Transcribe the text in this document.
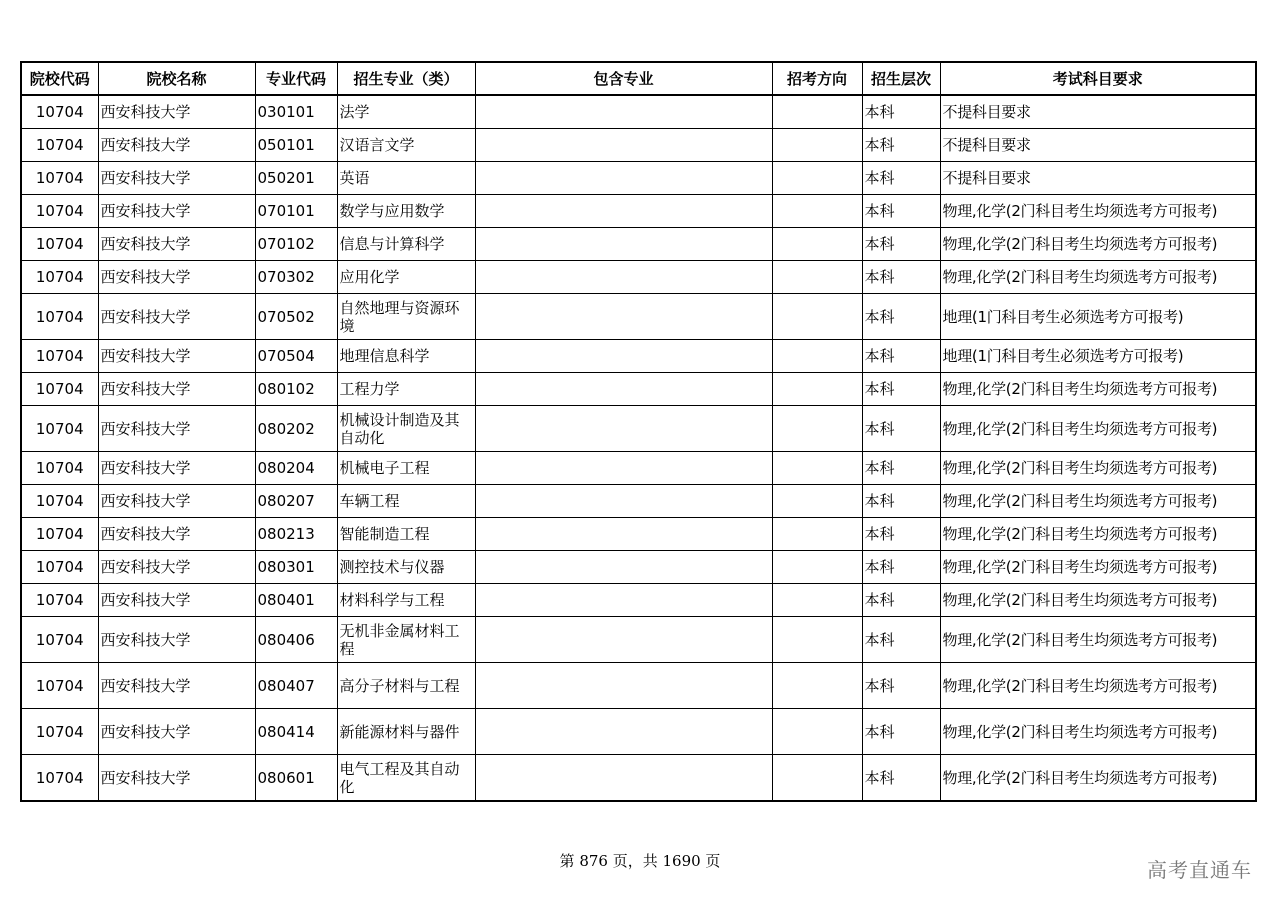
院校代码	院校名称	专业代码	招生专业（类）	包含专业	招考方向	招生层次	考试科目要求
10704	西安科技大学	030101	法学			本科	不提科目要求
10704	西安科技大学	050101	汉语言文学			本科	不提科目要求
10704	西安科技大学	050201	英语			本科	不提科目要求
10704	西安科技大学	070101	数学与应用数学			本科	物理,化学(2门科目考生均须选考方可报考)
10704	西安科技大学	070102	信息与计算科学			本科	物理,化学(2门科目考生均须选考方可报考)
10704	西安科技大学	070302	应用化学			本科	物理,化学(2门科目考生均须选考方可报考)
10704	西安科技大学	070502	自然地理与资源环境			本科	地理(1门科目考生必须选考方可报考)
10704	西安科技大学	070504	地理信息科学			本科	地理(1门科目考生必须选考方可报考)
10704	西安科技大学	080102	工程力学			本科	物理,化学(2门科目考生均须选考方可报考)
10704	西安科技大学	080202	机械设计制造及其自动化			本科	物理,化学(2门科目考生均须选考方可报考)
10704	西安科技大学	080204	机械电子工程			本科	物理,化学(2门科目考生均须选考方可报考)
10704	西安科技大学	080207	车辆工程			本科	物理,化学(2门科目考生均须选考方可报考)
10704	西安科技大学	080213	智能制造工程			本科	物理,化学(2门科目考生均须选考方可报考)
10704	西安科技大学	080301	测控技术与仪器			本科	物理,化学(2门科目考生均须选考方可报考)
10704	西安科技大学	080401	材料科学与工程			本科	物理,化学(2门科目考生均须选考方可报考)
10704	西安科技大学	080406	无机非金属材料工程			本科	物理,化学(2门科目考生均须选考方可报考)
10704	西安科技大学	080407	高分子材料与工程			本科	物理,化学(2门科目考生均须选考方可报考)
10704	西安科技大学	080414	新能源材料与器件			本科	物理,化学(2门科目考生均须选考方可报考)
10704	西安科技大学	080601	电气工程及其自动化			本科	物理,化学(2门科目考生均须选考方可报考)
第 876 页，共 1690 页	高考直通车
